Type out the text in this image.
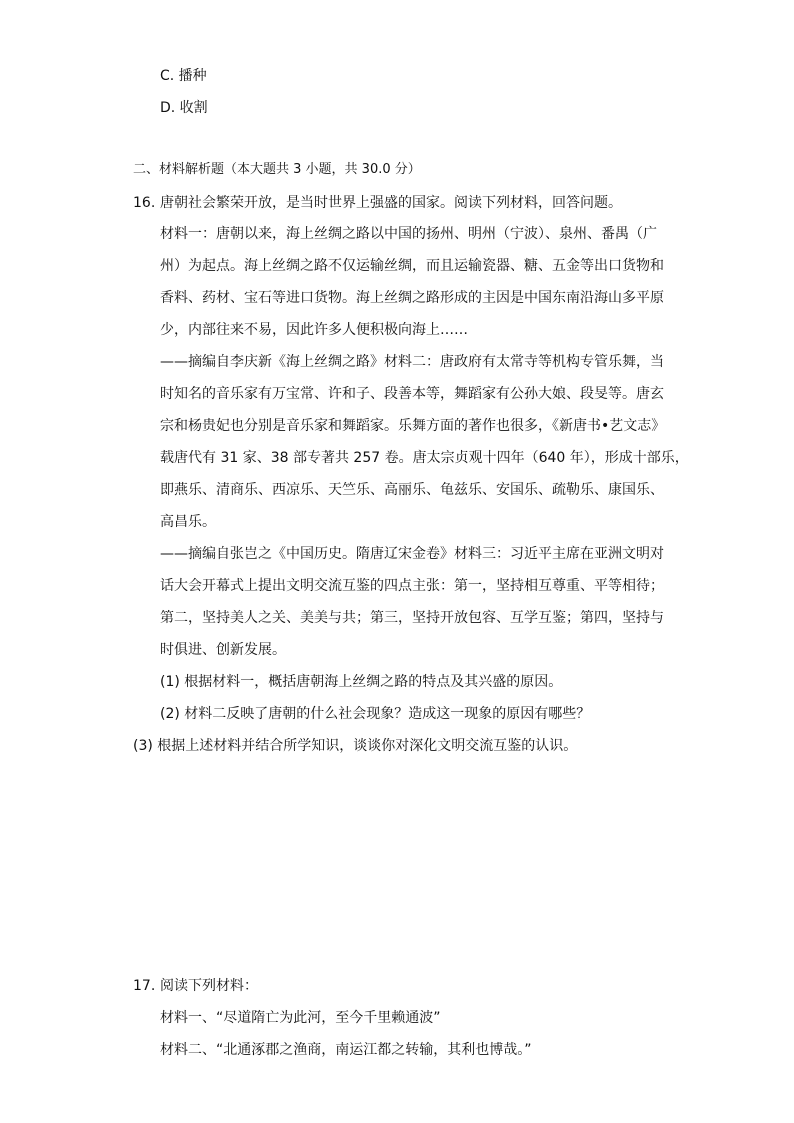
C. 播种
D. 收割
二、材料解析题（本大题共 3 小题，共 30.0 分）
16. 唐朝社会繁荣开放，是当时世界上强盛的国家。阅读下列材料，回答问题。
材料一：唐朝以来，海上丝绸之路以中国的扬州、明州（宁波）、泉州、番禺（广
州）为起点。海上丝绸之路不仅运输丝绸，而且运输瓷器、糖、五金等出口货物和
香料、药材、宝石等进口货物。海上丝绸之路形成的主因是中国东南沿海山多平原
少，内部往来不易，因此许多人便积极向海上……
——摘编自李庆新《海上丝绸之路》材料二：唐政府有太常寺等机构专管乐舞，当
时知名的音乐家有万宝常、许和子、段善本等，舞蹈家有公孙大娘、段旻等。唐玄
宗和杨贵妃也分别是音乐家和舞蹈家。乐舞方面的著作也很多，《新唐书•艺文志》
载唐代有 31 家、38 部专著共 257 卷。唐太宗贞观十四年（640 年），形成十部乐，
即燕乐、清商乐、西凉乐、天竺乐、高丽乐、龟兹乐、安国乐、疏勒乐、康国乐、
高昌乐。
——摘编自张岂之《中国历史。隋唐辽宋金卷》材料三：习近平主席在亚洲文明对
话大会开幕式上提出文明交流互鉴的四点主张：第一，坚持相互尊重、平等相待；
第二，坚持美人之关、美美与共；第三，坚持开放包容、互学互鉴；第四，坚持与
时俱进、创新发展。
(1) 根据材料一，概括唐朝海上丝绸之路的特点及其兴盛的原因。
(2) 材料二反映了唐朝的什么社会现象？造成这一现象的原因有哪些？
(3) 根据上述材料并结合所学知识，谈谈你对深化文明交流互鉴的认识。
17. 阅读下列材料：
材料一、“尽道隋亡为此河，至今千里赖通波”
材料二、“北通涿郡之渔商，南运江都之转输，其利也博哉。”
